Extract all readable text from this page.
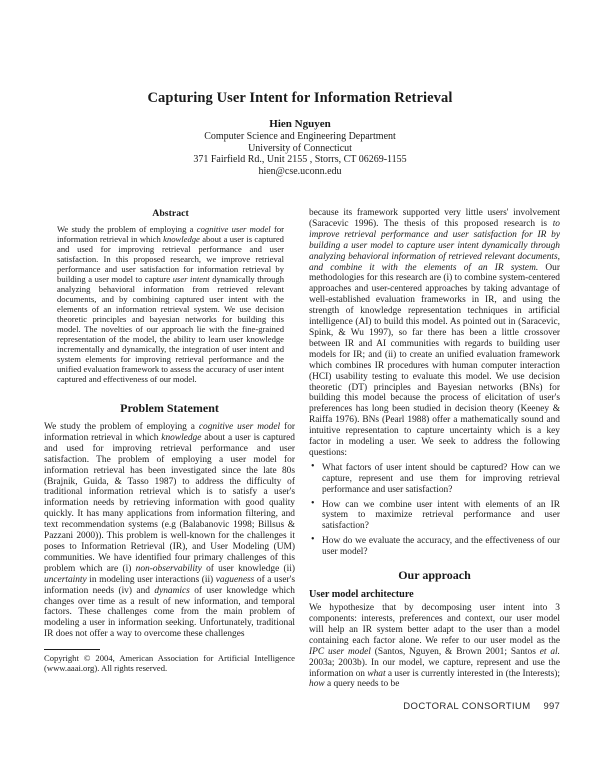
Capturing User Intent for Information Retrieval
Hien Nguyen
Computer Science and Engineering Department
University of Connecticut
371 Fairfield Rd., Unit 2155 , Storrs, CT 06269-1155
hien@cse.uconn.edu
Abstract

We study the problem of employing a cognitive user model for information retrieval in which knowledge about a user is captured and used for improving retrieval performance and user satisfaction. In this proposed research, we improve retrieval performance and user satisfaction for information retrieval by building a user model to capture user intent dynamically through analyzing behavioral information from retrieved relevant documents, and by combining captured user intent with the elements of an information retrieval system. We use decision theoretic principles and bayesian networks for building this model. The novelties of our approach lie with the fine-grained representation of the model, the ability to learn user knowledge incrementally and dynamically, the integration of user intent and system elements for improving retrieval performance and the unified evaluation framework to assess the accuracy of user intent captured and effectiveness of our model.

Problem Statement

We study the problem of employing a cognitive user model for information retrieval in which knowledge about a user is captured and used for improving retrieval performance and user satisfaction. The problem of employing a user model for information retrieval has been investigated since the late 80s (Brajnik, Guida, & Tasso 1987) to address the difficulty of traditional information retrieval which is to satisfy a user's information needs by retrieving information with good quality quickly. It has many applications from information filtering, and text recommendation systems (e.g (Balabanovic 1998; Billsus & Pazzani 2000)). This problem is well-known for the challenges it poses to Information Retrieval (IR), and User Modeling (UM) communities. We have identified four primary challenges of this problem which are (i) non-observability of user knowledge (ii) uncertainty in modeling user interactions (ii) vagueness of a user's information needs (iv) and dynamics of user knowledge which changes over time as a result of new information, and temporal factors. These challenges come from the main problem of modeling a user in information seeking. Unfortunately, traditional IR does not offer a way to overcome these challenges

Copyright © 2004, American Association for Artificial Intelligence (www.aaai.org). All rights reserved.

because its framework supported very little users' involvement (Saracevic 1996). The thesis of this proposed research is to improve retrieval performance and user satisfaction for IR by building a user model to capture user intent dynamically through analyzing behavioral information of retrieved relevant documents, and combine it with the elements of an IR system. Our methodologies for this research are (i) to combine system-centered approaches and user-centered approaches by taking advantage of well-established evaluation frameworks in IR, and using the strength of knowledge representation techniques in artificial intelligence (AI) to build this model. As pointed out in (Saracevic, Spink, & Wu 1997), so far there has been a little crossover between IR and AI communities with regards to building user models for IR; and (ii) to create an unified evaluation framework which combines IR procedures with human computer interaction (HCI) usability testing to evaluate this model. We use decision theoretic (DT) principles and Bayesian networks (BNs) for building this model because the process of elicitation of user's preferences has long been studied in decision theory (Keeney & Raiffa 1976). BNs (Pearl 1988) offer a mathematically sound and intuitive representation to capture uncertainty which is a key factor in modeling a user. We seek to address the following questions:

• What factors of user intent should be captured? How can we capture, represent and use them for improving retrieval performance and user satisfaction?
• How can we combine user intent with elements of an IR system to maximize retrieval performance and user satisfaction?
• How do we evaluate the accuracy, and the effectiveness of our user model?
Our approach
User model architecture

We hypothesize that by decomposing user intent into 3 components: interests, preferences and context, our user model will help an IR system better adapt to the user than a model containing each factor alone. We refer to our user model as the IPC user model (Santos, Nguyen, & Brown 2001; Santos et al. 2003a; 2003b). In our model, we capture, represent and use the information on what a user is currently interested in (the Interests); how a query needs to be

DOCTORAL CONSORTIUM 997
